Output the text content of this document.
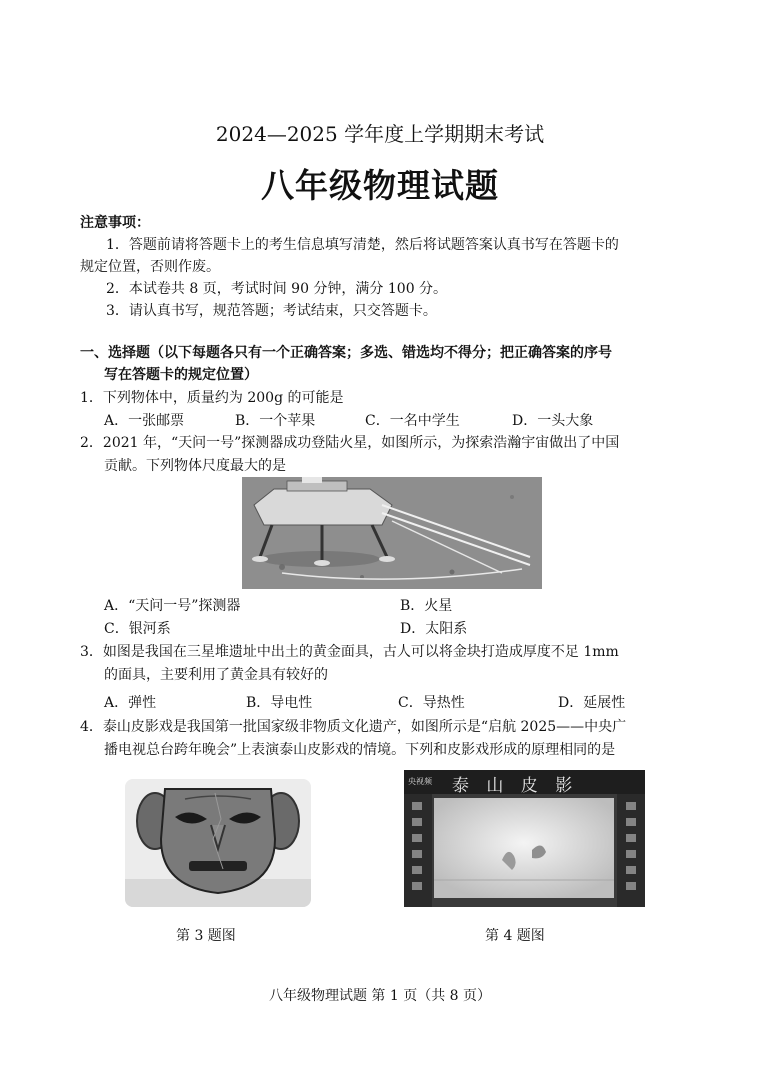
2024—2025 学年度上学期期末考试
八年级物理试题
注意事项：
1．答题前请将答题卡上的考生信息填写清楚，然后将试题答案认真书写在答题卡的
规定位置，否则作废。
2．本试卷共 8 页，考试时间 90 分钟，满分 100 分。
3．请认真书写，规范答题；考试结束，只交答题卡。
一、选择题（以下每题各只有一个正确答案；多选、错选均不得分；把正确答案的序号
写在答题卡的规定位置）
1．下列物体中，质量约为 200g 的可能是
A．一张邮票	B．一个苹果	C．一名中学生	D．一头大象
2．2021 年，“天问一号”探测器成功登陆火星，如图所示，为探索浩瀚宇宙做出了中国
贡献。下列物体尺度最大的是
A．“天问一号”探测器	B．火星
C．银河系	D．太阳系
3．如图是我国在三星堆遗址中出土的黄金面具，古人可以将金块打造成厚度不足 1mm
的面具，主要利用了黄金具有较好的
A．弹性	B．导电性	C．导热性	D．延展性
4．泰山皮影戏是我国第一批国家级非物质文化遗产，如图所示是“启航 2025——中央广
播电视总台跨年晚会”上表演泰山皮影戏的情境。下列和皮影戏形成的原理相同的是
泰 山 皮 影
央视频
第 3 题图	第 4 题图
八年级物理试题 第 1 页（共 8 页）
